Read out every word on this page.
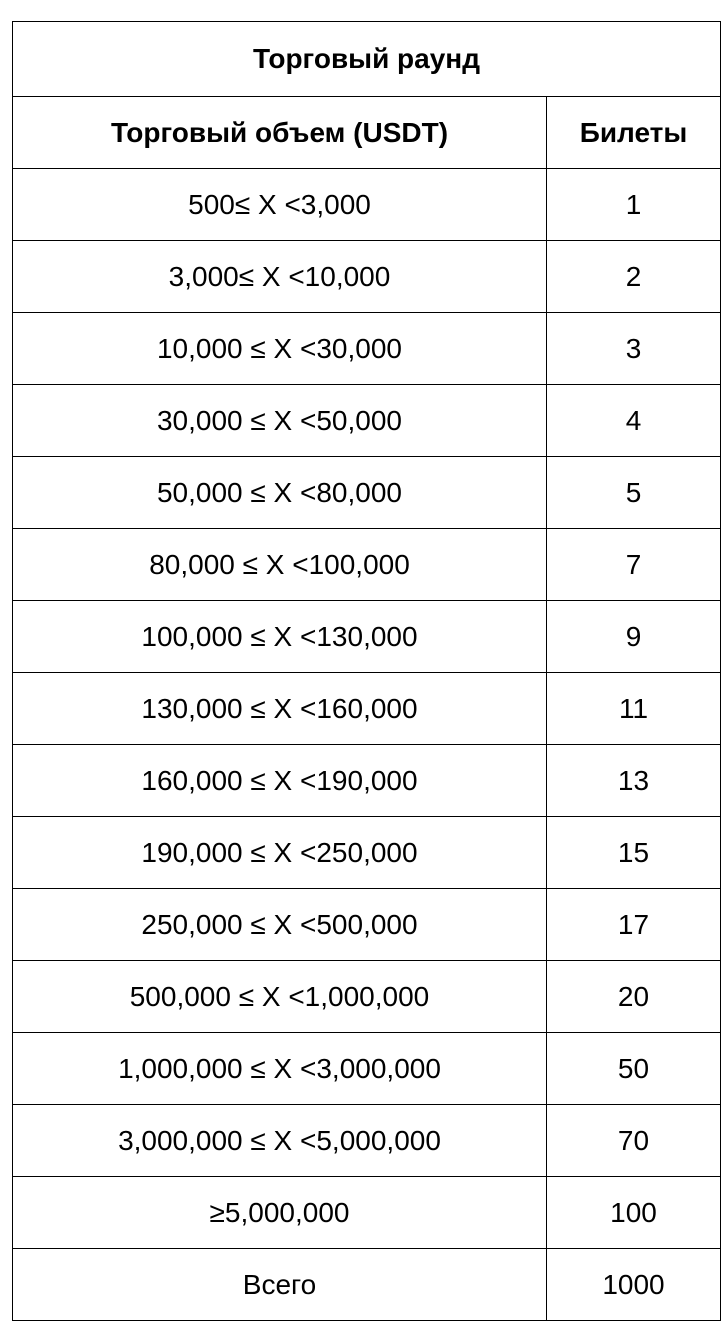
Торговый раунд	
Торговый объем (USDT)	Билеты
500≤ X <3,000	1
3,000≤ X <10,000	2
10,000 ≤ X <30,000	3
30,000 ≤ X <50,000	4
50,000 ≤ X <80,000	5
80,000 ≤ X <100,000	7
100,000 ≤ X <130,000	9
130,000 ≤ X <160,000	11
160,000 ≤ X <190,000	13
190,000 ≤ X <250,000	15
250,000 ≤ X <500,000	17
500,000 ≤ X <1,000,000	20
1,000,000 ≤ X <3,000,000	50
3,000,000 ≤ X <5,000,000	70
≥5,000,000	100
Всего	1000
